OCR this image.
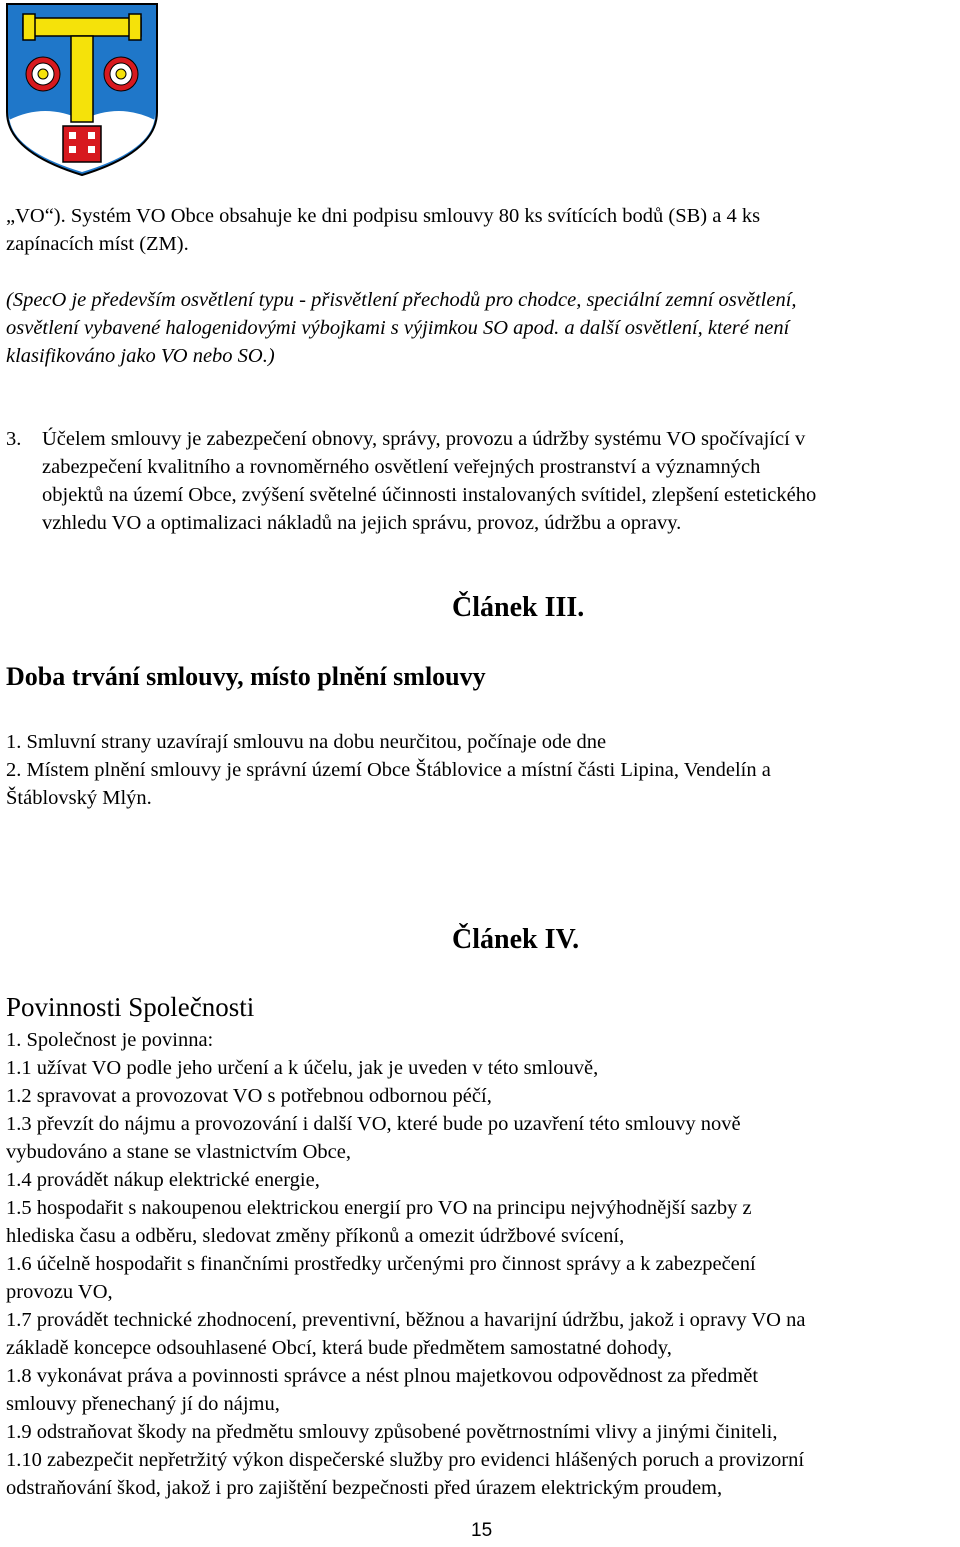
„VO“). Systém VO Obce obsahuje ke dni podpisu smlouvy 80 ks svítících bodů (SB) a 4 ks
zapínacích míst (ZM).
(SpecO je především osvětlení typu - přisvětlení přechodů pro chodce, speciální zemní osvětlení,
osvětlení vybavené halogenidovými výbojkami s výjimkou SO apod. a další osvětlení, které není
klasifikováno jako VO nebo SO.)
3. Účelem smlouvy je zabezpečení obnovy, správy, provozu a údržby systému VO spočívající v
zabezpečení kvalitního a rovnoměrného osvětlení veřejných prostranství a významných
objektů na území Obce, zvýšení světelné účinnosti instalovaných svítidel, zlepšení estetického
vzhledu VO a optimalizaci nákladů na jejich správu, provoz, údržbu a opravy.
Článek III.
Doba trvání smlouvy, místo plnění smlouvy
1. Smluvní strany uzavírají smlouvu na dobu neurčitou, počínaje ode dne
2. Místem plnění smlouvy je správní území Obce Štáblovice a místní části Lipina, Vendelín a
Štáblovský Mlýn.
Článek IV.
Povinnosti Společnosti
1. Společnost je povinna:
1.1 užívat VO podle jeho určení a k účelu, jak je uveden v této smlouvě,
1.2 spravovat a provozovat VO s potřebnou odbornou péčí,
1.3 převzít do nájmu a provozování i další VO, které bude po uzavření této smlouvy nově
vybudováno a stane se vlastnictvím Obce,
1.4 provádět nákup elektrické energie,
1.5 hospodařit s nakoupenou elektrickou energií pro VO na principu nejvýhodnější sazby z
hlediska času a odběru, sledovat změny příkonů a omezit údržbové svícení,
1.6 účelně hospodařit s finančními prostředky určenými pro činnost správy a k zabezpečení
provozu VO,
1.7 provádět technické zhodnocení, preventivní, běžnou a havarijní údržbu, jakož i opravy VO na
základě koncepce odsouhlasené Obcí, která bude předmětem samostatné dohody,
1.8 vykonávat práva a povinnosti správce a nést plnou majetkovou odpovědnost za předmět
smlouvy přenechaný jí do nájmu,
1.9 odstraňovat škody na předmětu smlouvy způsobené povětrnostními vlivy a jinými činiteli,
1.10 zabezpečit nepřetržitý výkon dispečerské služby pro evidenci hlášených poruch a provizorní
odstraňování škod, jakož i pro zajištění bezpečnosti před úrazem elektrickým proudem,
15
